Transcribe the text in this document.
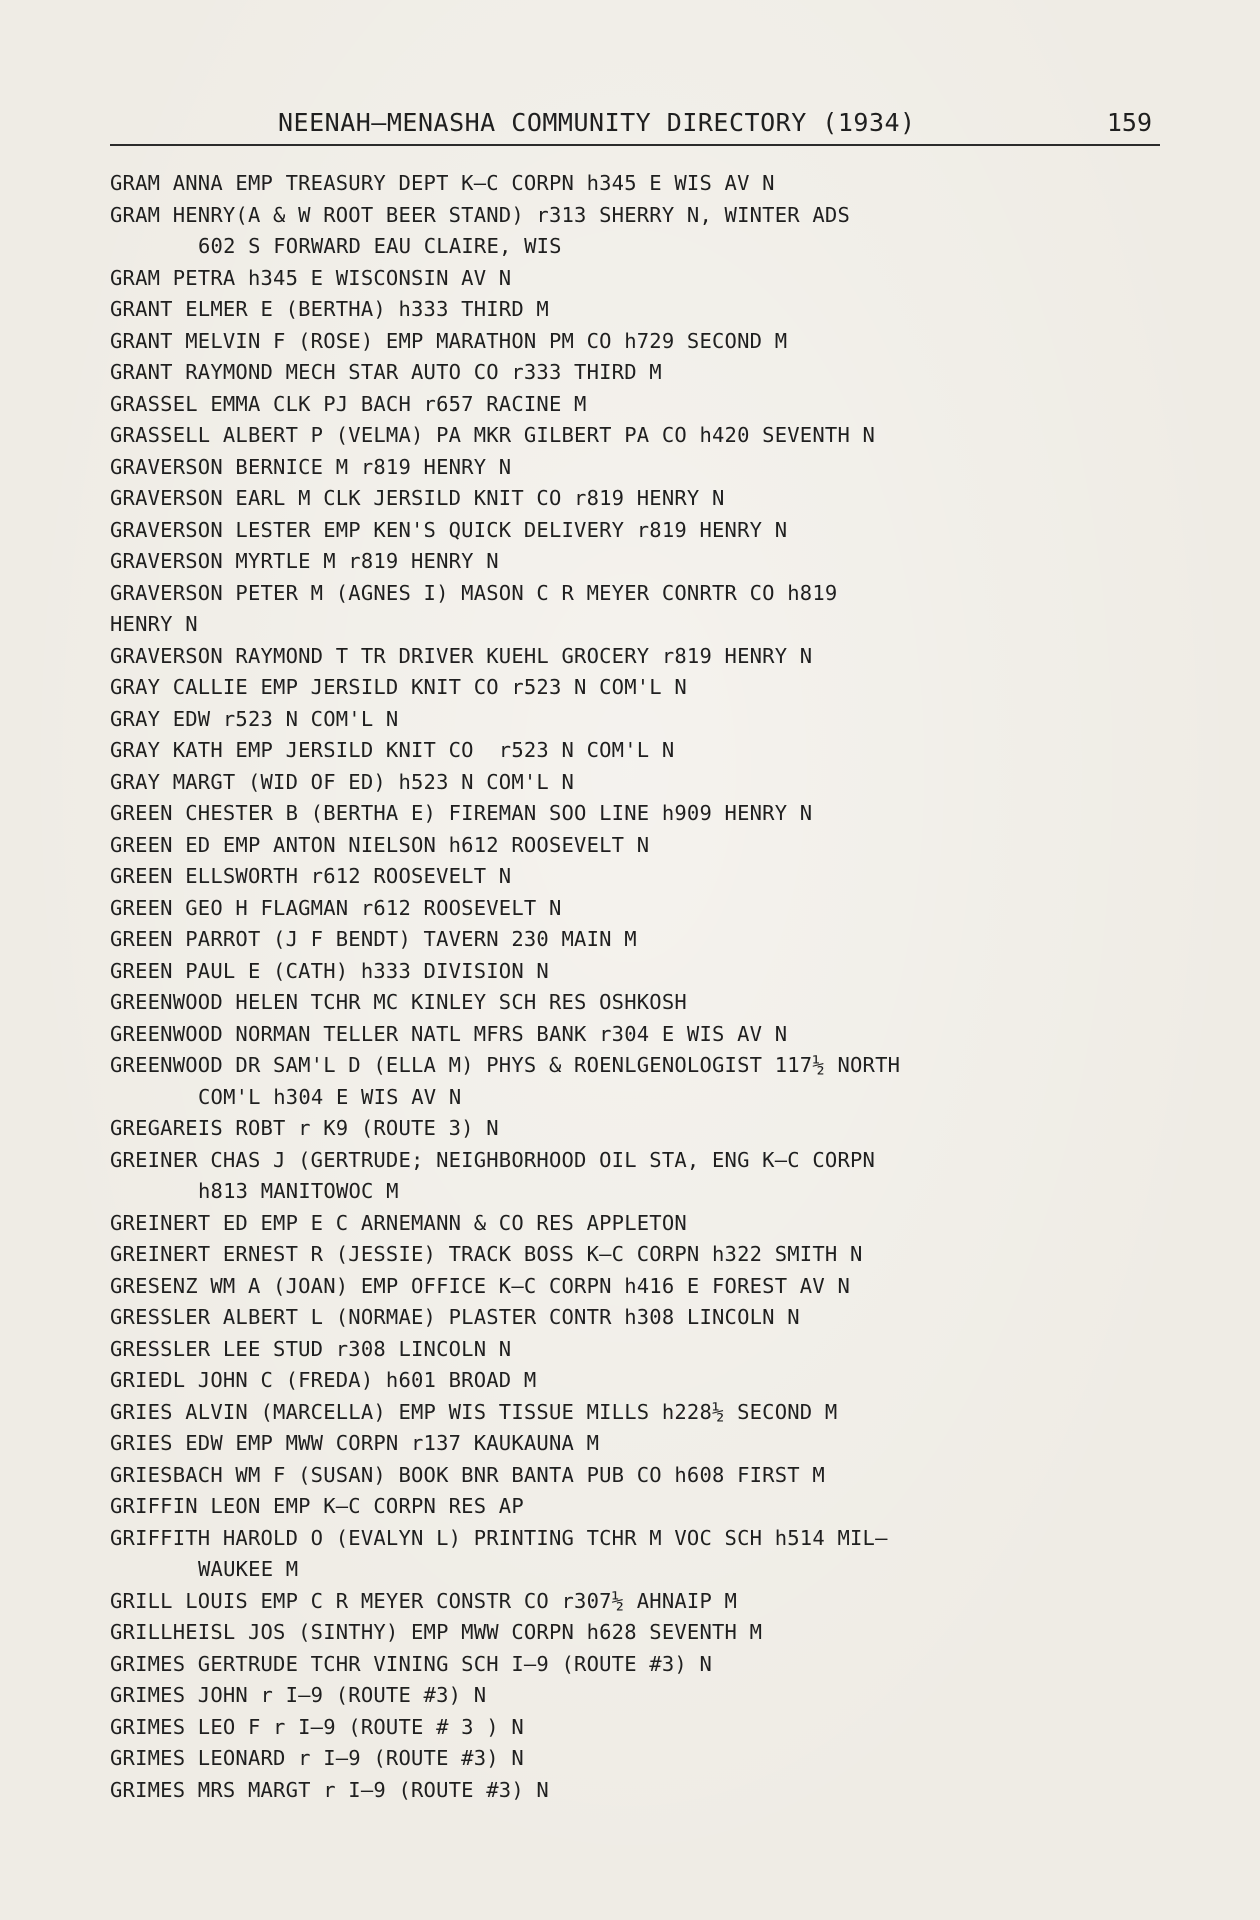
NEENAH—MENASHA COMMUNITY DIRECTORY (1934)	159
GRAM ANNA EMP TREASURY DEPT K—C CORPN h345 E WIS AV N
GRAM HENRY(A & W ROOT BEER STAND) r313 SHERRY N, WINTER ADS
602 S FORWARD EAU CLAIRE, WIS
GRAM PETRA h345 E WISCONSIN AV N
GRANT ELMER E (BERTHA) h333 THIRD M
GRANT MELVIN F (ROSE) EMP MARATHON PM CO h729 SECOND M
GRANT RAYMOND MECH STAR AUTO CO r333 THIRD M
GRASSEL EMMA CLK PJ BACH r657 RACINE M
GRASSELL ALBERT P (VELMA) PA MKR GILBERT PA CO h420 SEVENTH N
GRAVERSON BERNICE M r819 HENRY N
GRAVERSON EARL M CLK JERSILD KNIT CO r819 HENRY N
GRAVERSON LESTER EMP KEN'S QUICK DELIVERY r819 HENRY N
GRAVERSON MYRTLE M r819 HENRY N
GRAVERSON PETER M (AGNES I) MASON C R MEYER CONRTR CO h819
HENRY N
GRAVERSON RAYMOND T TR DRIVER KUEHL GROCERY r819 HENRY N
GRAY CALLIE EMP JERSILD KNIT CO r523 N COM'L N
GRAY EDW r523 N COM'L N
GRAY KATH EMP JERSILD KNIT CO  r523 N COM'L N
GRAY MARGT (WID OF ED) h523 N COM'L N
GREEN CHESTER B (BERTHA E) FIREMAN SOO LINE h909 HENRY N
GREEN ED EMP ANTON NIELSON h612 ROOSEVELT N
GREEN ELLSWORTH r612 ROOSEVELT N
GREEN GEO H FLAGMAN r612 ROOSEVELT N
GREEN PARROT (J F BENDT) TAVERN 230 MAIN M
GREEN PAUL E (CATH) h333 DIVISION N
GREENWOOD HELEN TCHR MC KINLEY SCH RES OSHKOSH
GREENWOOD NORMAN TELLER NATL MFRS BANK r304 E WIS AV N
GREENWOOD DR SAM'L D (ELLA M) PHYS & ROENLGENOLOGIST 117½ NORTH
COM'L h304 E WIS AV N
GREGAREIS ROBT r K9 (ROUTE 3) N
GREINER CHAS J (GERTRUDE; NEIGHBORHOOD OIL STA, ENG K—C CORPN
h813 MANITOWOC M
GREINERT ED EMP E C ARNEMANN & CO RES APPLETON
GREINERT ERNEST R (JESSIE) TRACK BOSS K—C CORPN h322 SMITH N
GRESENZ WM A (JOAN) EMP OFFICE K—C CORPN h416 E FOREST AV N
GRESSLER ALBERT L (NORMAE) PLASTER CONTR h308 LINCOLN N
GRESSLER LEE STUD r308 LINCOLN N
GRIEDL JOHN C (FREDA) h601 BROAD M
GRIES ALVIN (MARCELLA) EMP WIS TISSUE MILLS h228½ SECOND M
GRIES EDW EMP MWW CORPN r137 KAUKAUNA M
GRIESBACH WM F (SUSAN) BOOK BNR BANTA PUB CO h608 FIRST M
GRIFFIN LEON EMP K—C CORPN RES AP
GRIFFITH HAROLD O (EVALYN L) PRINTING TCHR M VOC SCH h514 MIL—
WAUKEE M
GRILL LOUIS EMP C R MEYER CONSTR CO r307½ AHNAIP M
GRILLHEISL JOS (SINTHY) EMP MWW CORPN h628 SEVENTH M
GRIMES GERTRUDE TCHR VINING SCH I—9 (ROUTE #3) N
GRIMES JOHN r I—9 (ROUTE #3) N
GRIMES LEO F r I—9 (ROUTE # 3 ) N
GRIMES LEONARD r I—9 (ROUTE #3) N
GRIMES MRS MARGT r I—9 (ROUTE #3) N
